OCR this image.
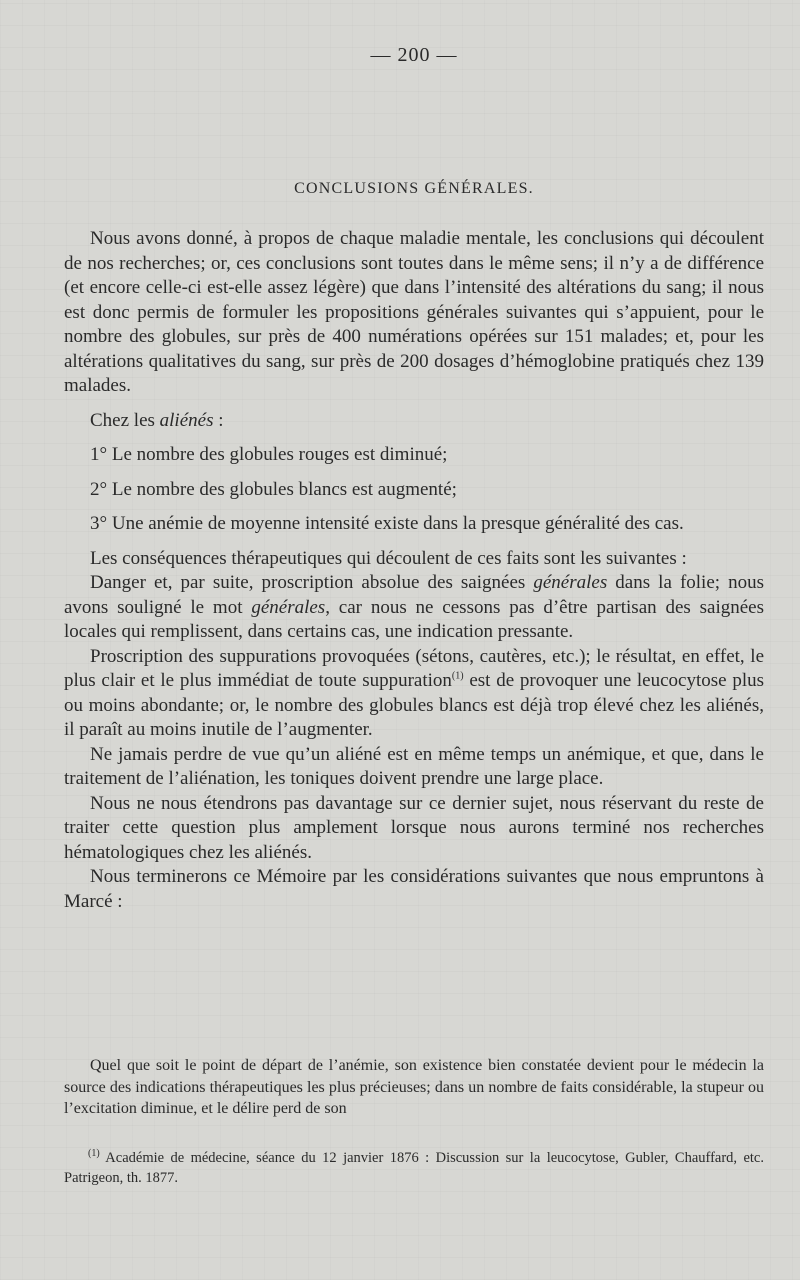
— 200 —
CONCLUSIONS GÉNÉRALES.

Nous avons donné, à propos de chaque maladie mentale, les conclusions qui découlent de nos recherches; or, ces conclusions sont toutes dans le même sens; il n’y a de différence (et encore celle-ci est-elle assez légère) que dans l’intensité des altérations du sang; il nous est donc permis de formuler les propositions générales suivantes qui s’appuient, pour le nombre des globules, sur près de 400 numérations opérées sur 151 malades; et, pour les altérations qualitatives du sang, sur près de 200 dosages d’hémoglobine pratiqués chez 139 malades.

Chez les aliénés :

1° Le nombre des globules rouges est diminué;

2° Le nombre des globules blancs est augmenté;

3° Une anémie de moyenne intensité existe dans la presque généralité des cas.

Les conséquences thérapeutiques qui découlent de ces faits sont les suivantes :

Danger et, par suite, proscription absolue des saignées générales dans la folie; nous avons souligné le mot générales, car nous ne cessons pas d’être partisan des saignées locales qui remplissent, dans certains cas, une indication pressante.

Proscription des suppurations provoquées (sétons, cautères, etc.); le résultat, en effet, le plus clair et le plus immédiat de toute suppuration$^{(1)}$ est de provoquer une leucocytose plus ou moins abondante; or, le nombre des globules blancs est déjà trop élevé chez les aliénés, il paraît au moins inutile de l’augmenter.

Ne jamais perdre de vue qu’un aliéné est en même temps un anémique, et que, dans le traitement de l’aliénation, les toniques doivent prendre une large place.

Nous ne nous étendrons pas davantage sur ce dernier sujet, nous réservant du reste de traiter cette question plus amplement lorsque nous aurons terminé nos recherches hématologiques chez les aliénés.

Nous terminerons ce Mémoire par les considérations suivantes que nous empruntons à Marcé :

Quel que soit le point de départ de l’anémie, son existence bien constatée devient pour le médecin la source des indications thérapeutiques les plus précieuses; dans un nombre de faits considérable, la stupeur ou l’excitation diminue, et le délire perd de son

$^{(1)}$ Académie de médecine, séance du 12 janvier 1876 : Discussion sur la leucocytose, Gubler, Chauffard, etc. Patrigeon, th. 1877.
